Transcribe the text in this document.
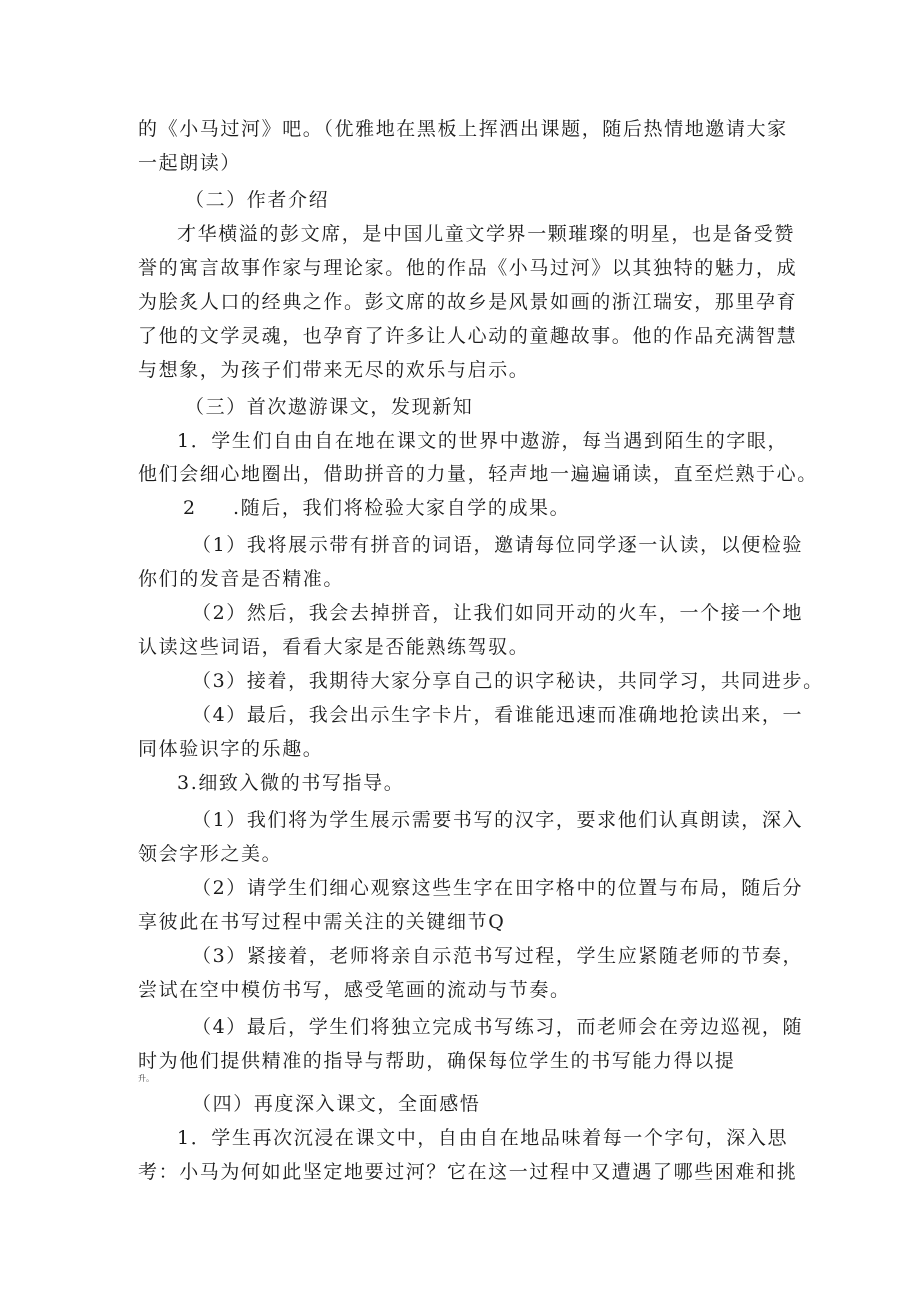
的《小马过河》吧。（优雅地在黑板上挥洒出课题，随后热情地邀请大家
一起朗读）
（二）作者介绍
才华横溢的彭文席，是中国儿童文学界一颗璀璨的明星，也是备受赞
誉的寓言故事作家与理论家。他的作品《小马过河》以其独特的魅力，成
为脍炙人口的经典之作。彭文席的故乡是风景如画的浙江瑞安，那里孕育
了他的文学灵魂，也孕育了许多让人心动的童趣故事。他的作品充满智慧
与想象，为孩子们带来无尽的欢乐与启示。
（三）首次遨游课文，发现新知
1．学生们自由自在地在课文的世界中遨游，每当遇到陌生的字眼，
他们会细心地圈出，借助拼音的力量，轻声地一遍遍诵读，直至烂熟于心。
2 .随后，我们将检验大家自学的成果。
（1）我将展示带有拼音的词语，邀请每位同学逐一认读，以便检验
你们的发音是否精准。
（2）然后，我会去掉拼音，让我们如同开动的火车，一个接一个地
认读这些词语，看看大家是否能熟练驾驭。
（3）接着，我期待大家分享自己的识字秘诀，共同学习，共同进步。
（4）最后，我会出示生字卡片，看谁能迅速而准确地抢读出来，一
同体验识字的乐趣。
3.细致入微的书写指导。
（1）我们将为学生展示需要书写的汉字，要求他们认真朗读，深入
领会字形之美。
（2）请学生们细心观察这些生字在田字格中的位置与布局，随后分
享彼此在书写过程中需关注的关键细节Q
（3）紧接着，老师将亲自示范书写过程，学生应紧随老师的节奏，
尝试在空中模仿书写，感受笔画的流动与节奏。
（4）最后，学生们将独立完成书写练习，而老师会在旁边巡视，随
时为他们提供精准的指导与帮助，确保每位学生的书写能力得以提
升。
（四）再度深入课文，全面感悟
1．学生再次沉浸在课文中，自由自在地品味着每一个字句，深入思
考：小马为何如此坚定地要过河？它在这一过程中又遭遇了哪些困难和挑
